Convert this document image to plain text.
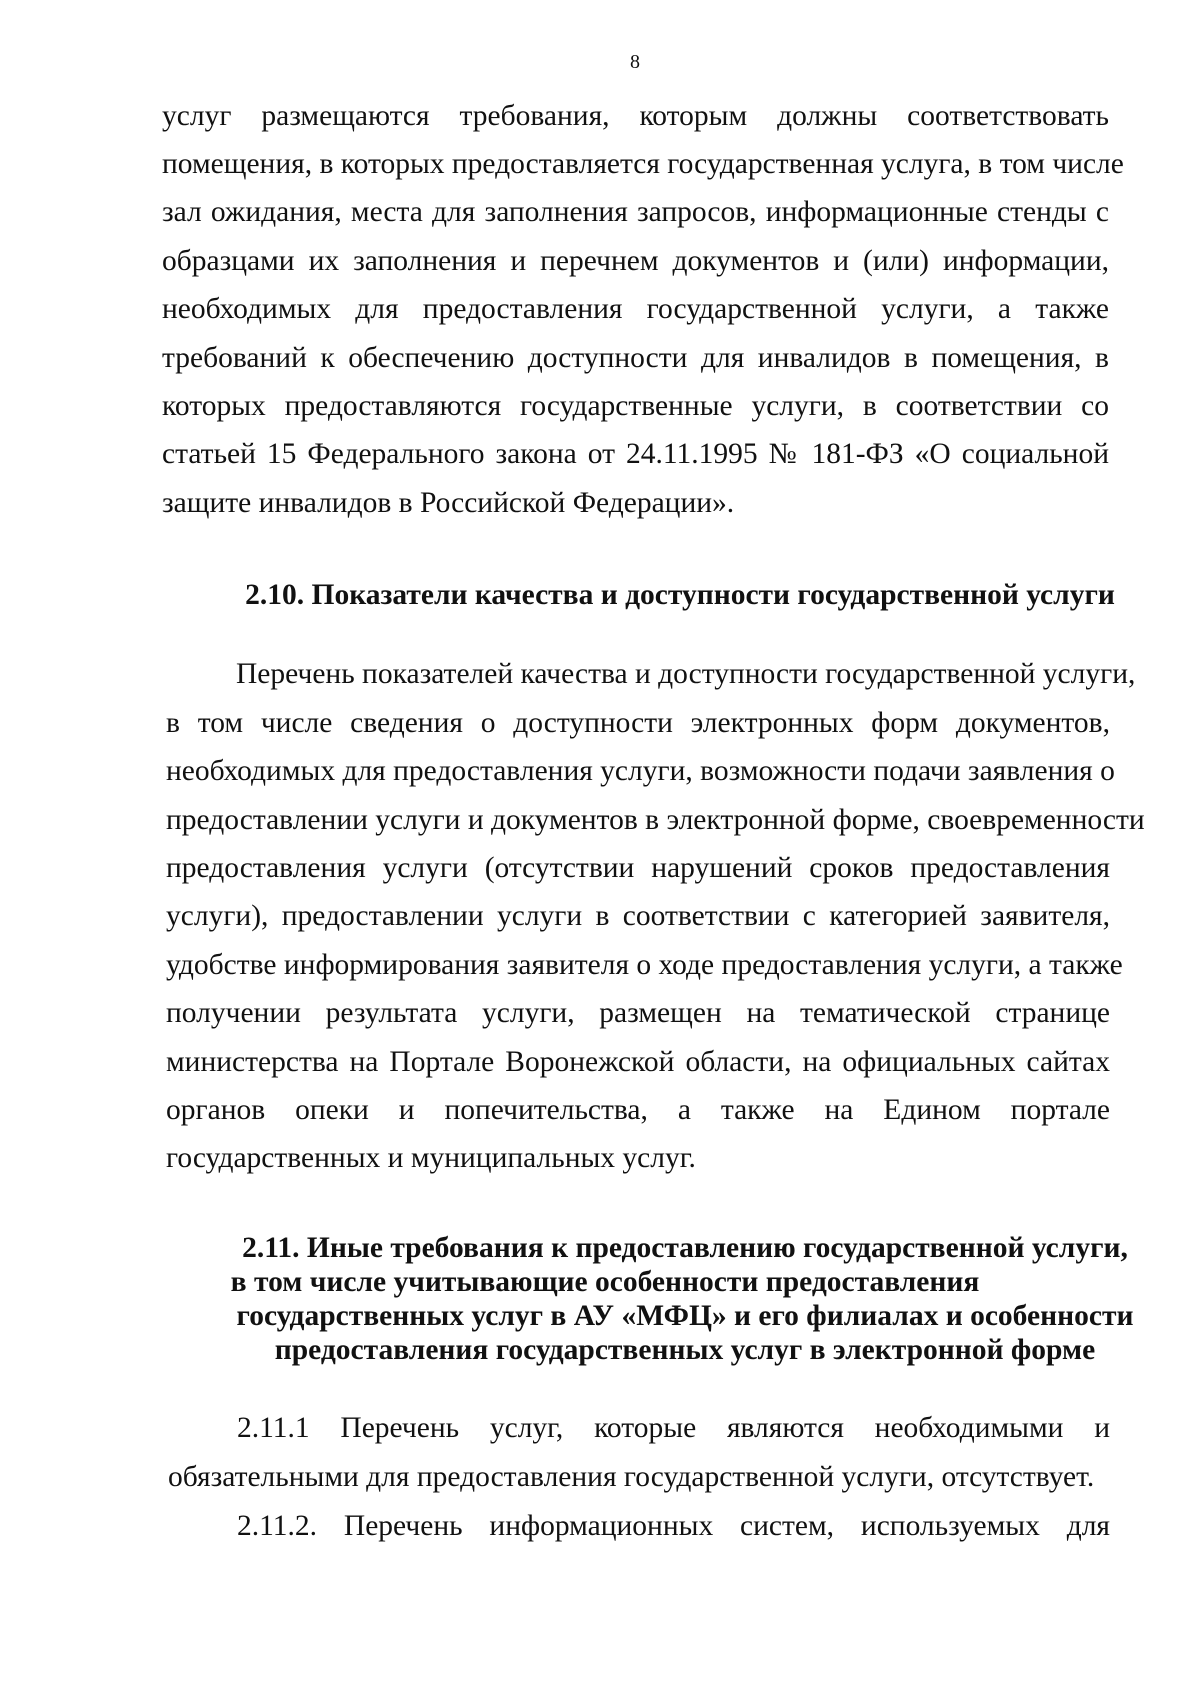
8
услуг размещаются требования, которым должны соответствовать
помещения, в которых предоставляется государственная услуга, в том числе
зал ожидания, места для заполнения запросов, информационные стенды с
образцами их заполнения и перечнем документов и (или) информации,
необходимых для предоставления государственной услуги, а также
требований к обеспечению доступности для инвалидов в помещения, в
которых предоставляются государственные услуги, в соответствии со
статьей 15 Федерального закона от 24.11.1995 № 181-ФЗ «О социальной
защите инвалидов в Российской Федерации».
2.10. Показатели качества и доступности государственной услуги
Перечень показателей качества и доступности государственной услуги,
в том числе сведения о доступности электронных форм документов,
необходимых для предоставления услуги, возможности подачи заявления о
предоставлении услуги и документов в электронной форме, своевременности
предоставления услуги (отсутствии нарушений сроков предоставления
услуги), предоставлении услуги в соответствии с категорией заявителя,
удобстве информирования заявителя о ходе предоставления услуги, а также
получении результата услуги, размещен на тематической странице
министерства на Портале Воронежской области, на официальных сайтах
органов опеки и попечительства, а также на Едином портале
государственных и муниципальных услуг.
2.11. Иные требования к предоставлению государственной услуги,
в том числе учитывающие особенности предоставления
государственных услуг в АУ «МФЦ» и его филиалах и особенности
предоставления государственных услуг в электронной форме
2.11.1 Перечень услуг, которые являются необходимыми и
обязательными для предоставления государственной услуги, отсутствует.
2.11.2. Перечень информационных систем, используемых для
